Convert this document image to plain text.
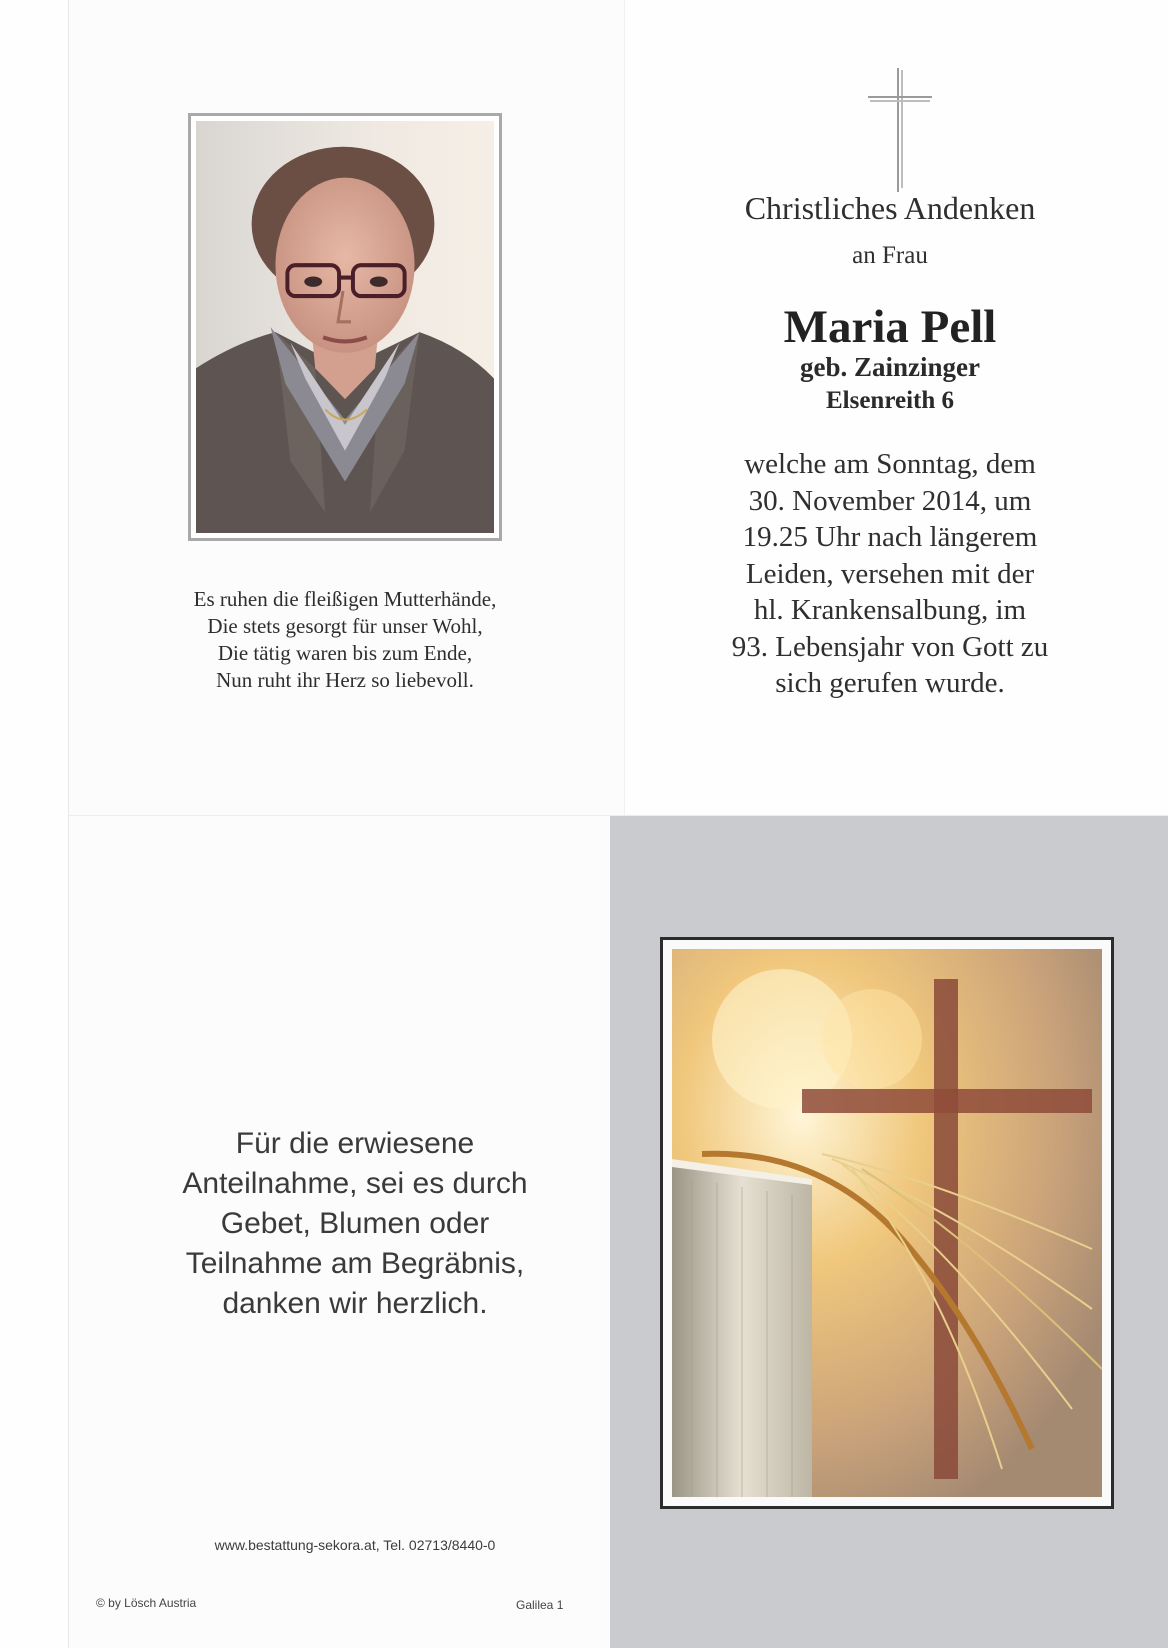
Es ruhen die fleißigen Mutterhände,
Die stets gesorgt für unser Wohl,
Die tätig waren bis zum Ende,
Nun ruht ihr Herz so liebevoll.
Christliches Andenken
an Frau
Maria Pell
geb. Zainzinger
Elsenreith 6
welche am Sonntag, dem
30. November 2014, um
19.25 Uhr nach längerem
Leiden, versehen mit der
hl. Krankensalbung, im
93. Lebensjahr von Gott zu
sich gerufen wurde.
Für die erwiesene
Anteilnahme, sei es durch
Gebet, Blumen oder
Teilnahme am Begräbnis,
danken wir herzlich.
www.bestattung-sekora.at, Tel. 02713/8440-0
© by Lösch Austria	Galilea 1
